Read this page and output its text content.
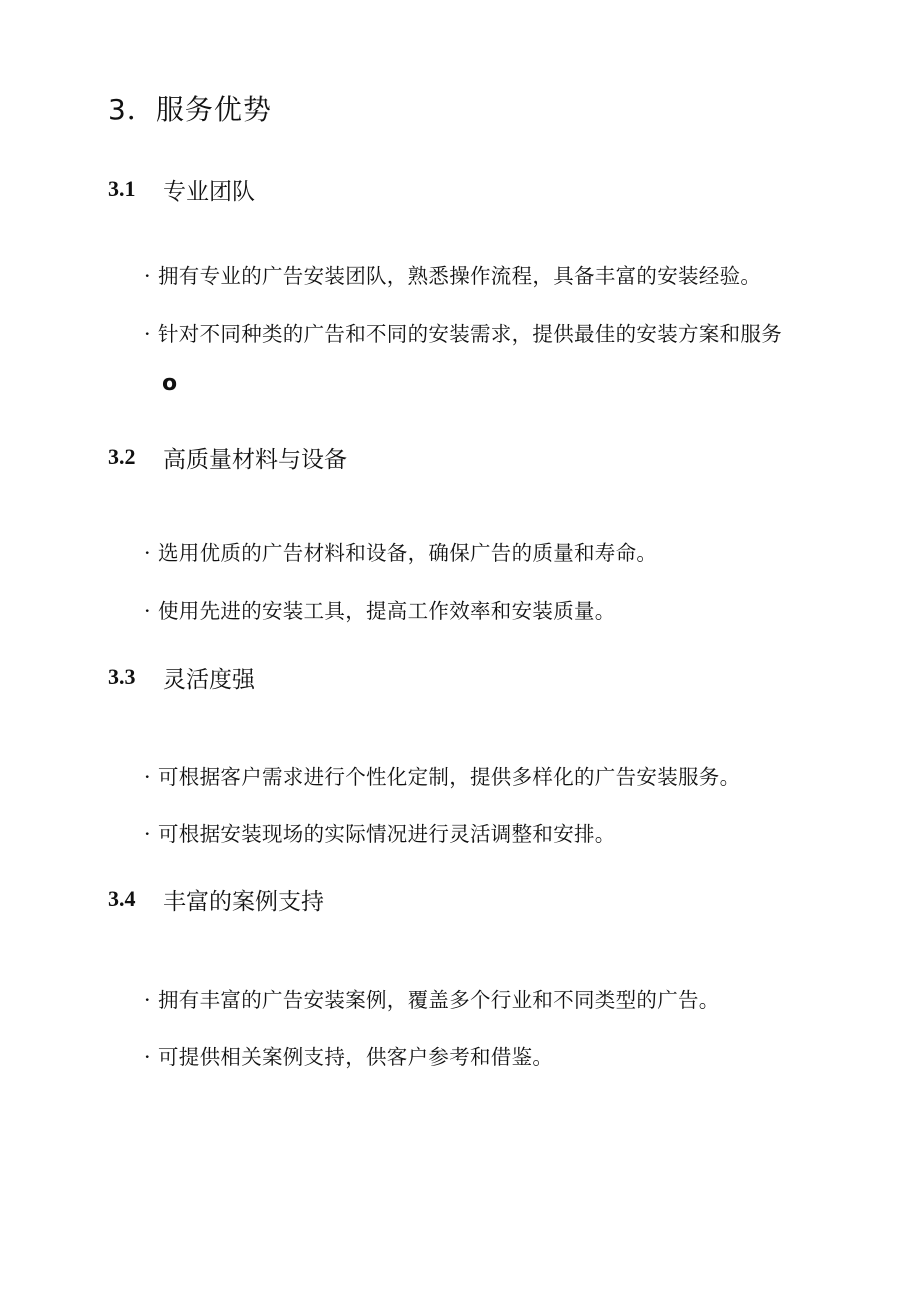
3．服务优势
3.1 专业团队
· 拥有专业的广告安装团队，熟悉操作流程，具备丰富的安装经验。
· 针对不同种类的广告和不同的安装需求，提供最佳的安装方案和服务
o
3.2 高质量材料与设备
· 选用优质的广告材料和设备，确保广告的质量和寿命。
· 使用先进的安装工具，提高工作效率和安装质量。
3.3 灵活度强
· 可根据客户需求进行个性化定制，提供多样化的广告安装服务。
· 可根据安装现场的实际情况进行灵活调整和安排。
3.4 丰富的案例支持
· 拥有丰富的广告安装案例，覆盖多个行业和不同类型的广告。
· 可提供相关案例支持，供客户参考和借鉴。
